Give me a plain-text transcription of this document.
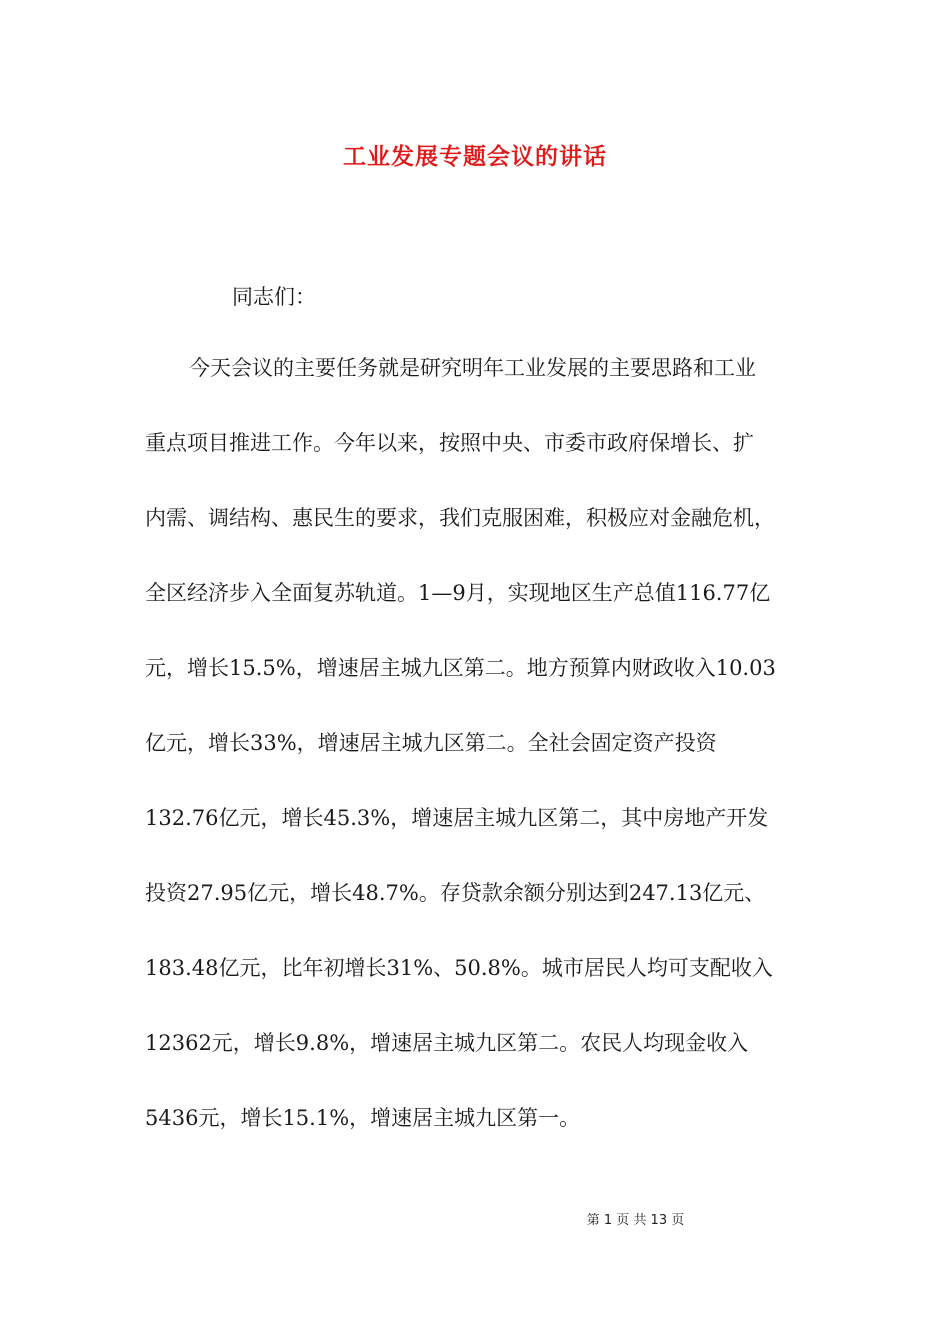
工业发展专题会议的讲话
同志们：
今天会议的主要任务就是研究明年工业发展的主要思路和工业
重点项目推进工作。今年以来，按照中央、市委市政府保增长、扩
内需、调结构、惠民生的要求，我们克服困难，积极应对金融危机，
全区经济步入全面复苏轨道。1—9月，实现地区生产总值116.77亿
元，增长15.5%，增速居主城九区第二。地方预算内财政收入10.03
亿元，增长33%，增速居主城九区第二。全社会固定资产投资
132.76亿元，增长45.3%，增速居主城九区第二，其中房地产开发
投资27.95亿元，增长48.7%。存贷款余额分别达到247.13亿元、
183.48亿元，比年初增长31%、50.8%。城市居民人均可支配收入
12362元，增长9.8%，增速居主城九区第二。农民人均现金收入
5436元，增长15.1%，增速居主城九区第一。
第 1 页 共 13 页
